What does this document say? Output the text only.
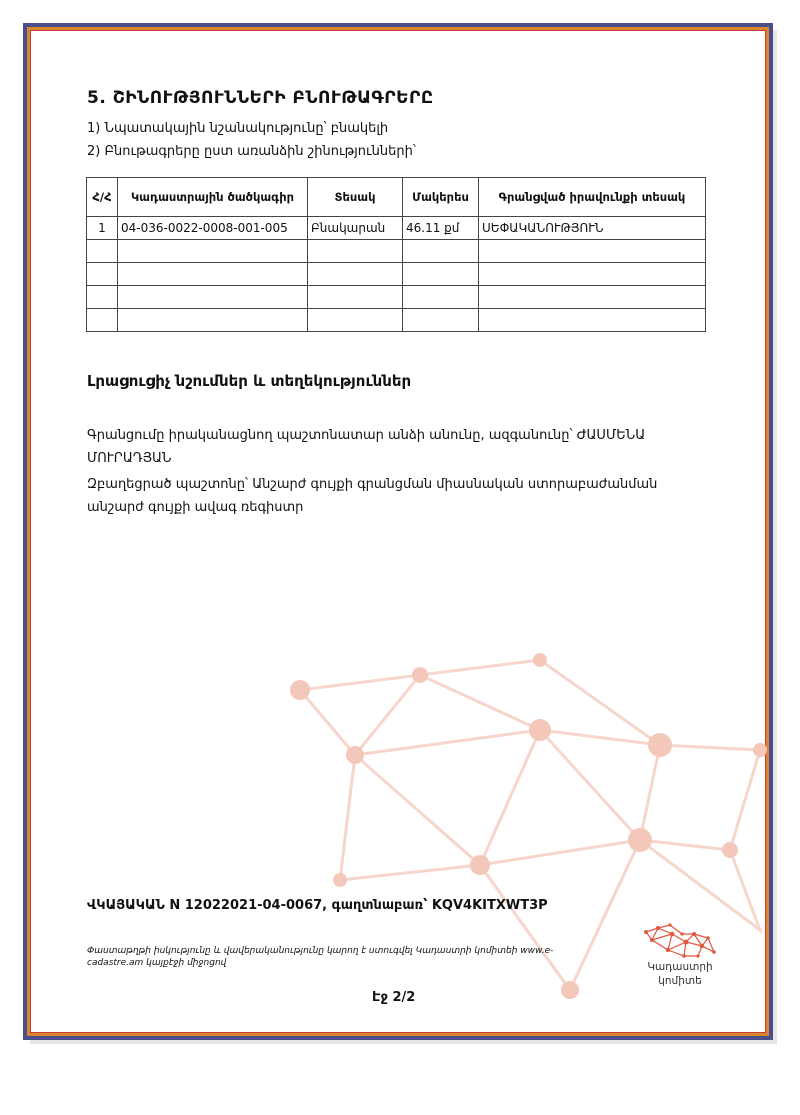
5. ՇԻՆՈՒԹՅՈՒՆՆԵՐԻ ԲՆՈՒԹԱԳՐԵՐԸ
1) Նպատակային նշանակությունը՝ բնակելի
2) Բնութագրերը ըստ առանձին շինությունների՝
Հ/Հ	Կադաստրային ծածկագիր	Տեսակ	Մակերես	Գրանցված իրավունքի տեսակ
1	04-036-0022-0008-001-005	Բնակարան	46.11 քմ	ՍԵՓԱԿԱՆՈՒԹՅՈՒՆ

Լրացուցիչ նշումներ և տեղեկություններ
Գրանցումը իրականացնող պաշտոնատար անձի անունը, ազգանունը՝ ԺԱՍՄԵՆԱ ՄՈՒՐԱԴՅԱՆ
Զբաղեցրած պաշտոնը՝ Անշարժ գույքի գրանցման միասնական ստորաբաժանման անշարժ գույքի ավագ ռեգիստր
ՎԿԱՅԱԿԱՆ N 12022021-04-0067, գաղտնաբառ՝ KQV4KITXWT3P
Փաստաթղթի իսկությունը և վավերականությունը կարող է ստուգվել Կադաստրի կոմիտեի www.e-cadastre.am կայքէջի միջոցով
Էջ 2/2
Կադաստրի
կոմիտե
